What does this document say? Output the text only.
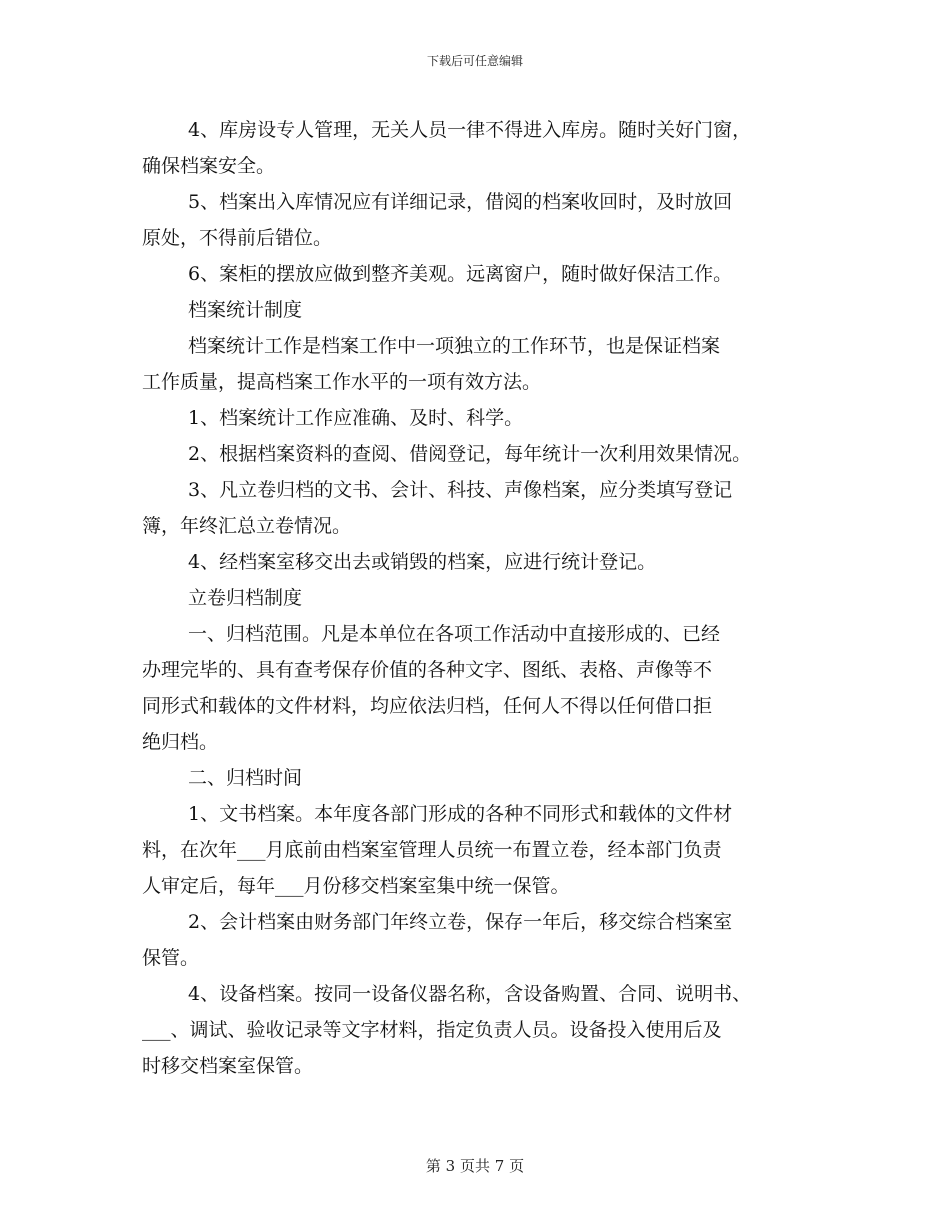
下载后可任意编辑
4、库房设专人管理，无关人员一律不得进入库房。随时关好门窗，
确保档案安全。
5、档案出入库情况应有详细记录，借阅的档案收回时，及时放回
原处，不得前后错位。
6、案柜的摆放应做到整齐美观。远离窗户，随时做好保洁工作。
档案统计制度
档案统计工作是档案工作中一项独立的工作环节，也是保证档案
工作质量，提高档案工作水平的一项有效方法。
1、档案统计工作应准确、及时、科学。
2、根据档案资料的查阅、借阅登记，每年统计一次利用效果情况。
3、凡立卷归档的文书、会计、科技、声像档案，应分类填写登记
簿，年终汇总立卷情况。
4、经档案室移交出去或销毁的档案，应进行统计登记。
立卷归档制度
一、归档范围。凡是本单位在各项工作活动中直接形成的、已经
办理完毕的、具有查考保存价值的各种文字、图纸、表格、声像等不
同形式和载体的文件材料，均应依法归档，任何人不得以任何借口拒
绝归档。
二、归档时间
1、文书档案。本年度各部门形成的各种不同形式和载体的文件材
料，在次年___月底前由档案室管理人员统一布置立卷，经本部门负责
人审定后，每年___月份移交档案室集中统一保管。
2、会计档案由财务部门年终立卷，保存一年后，移交综合档案室
保管。
4、设备档案。按同一设备仪器名称，含设备购置、合同、说明书、
___、调试、验收记录等文字材料，指定负责人员。设备投入使用后及
时移交档案室保管。
第 3 页共 7 页
